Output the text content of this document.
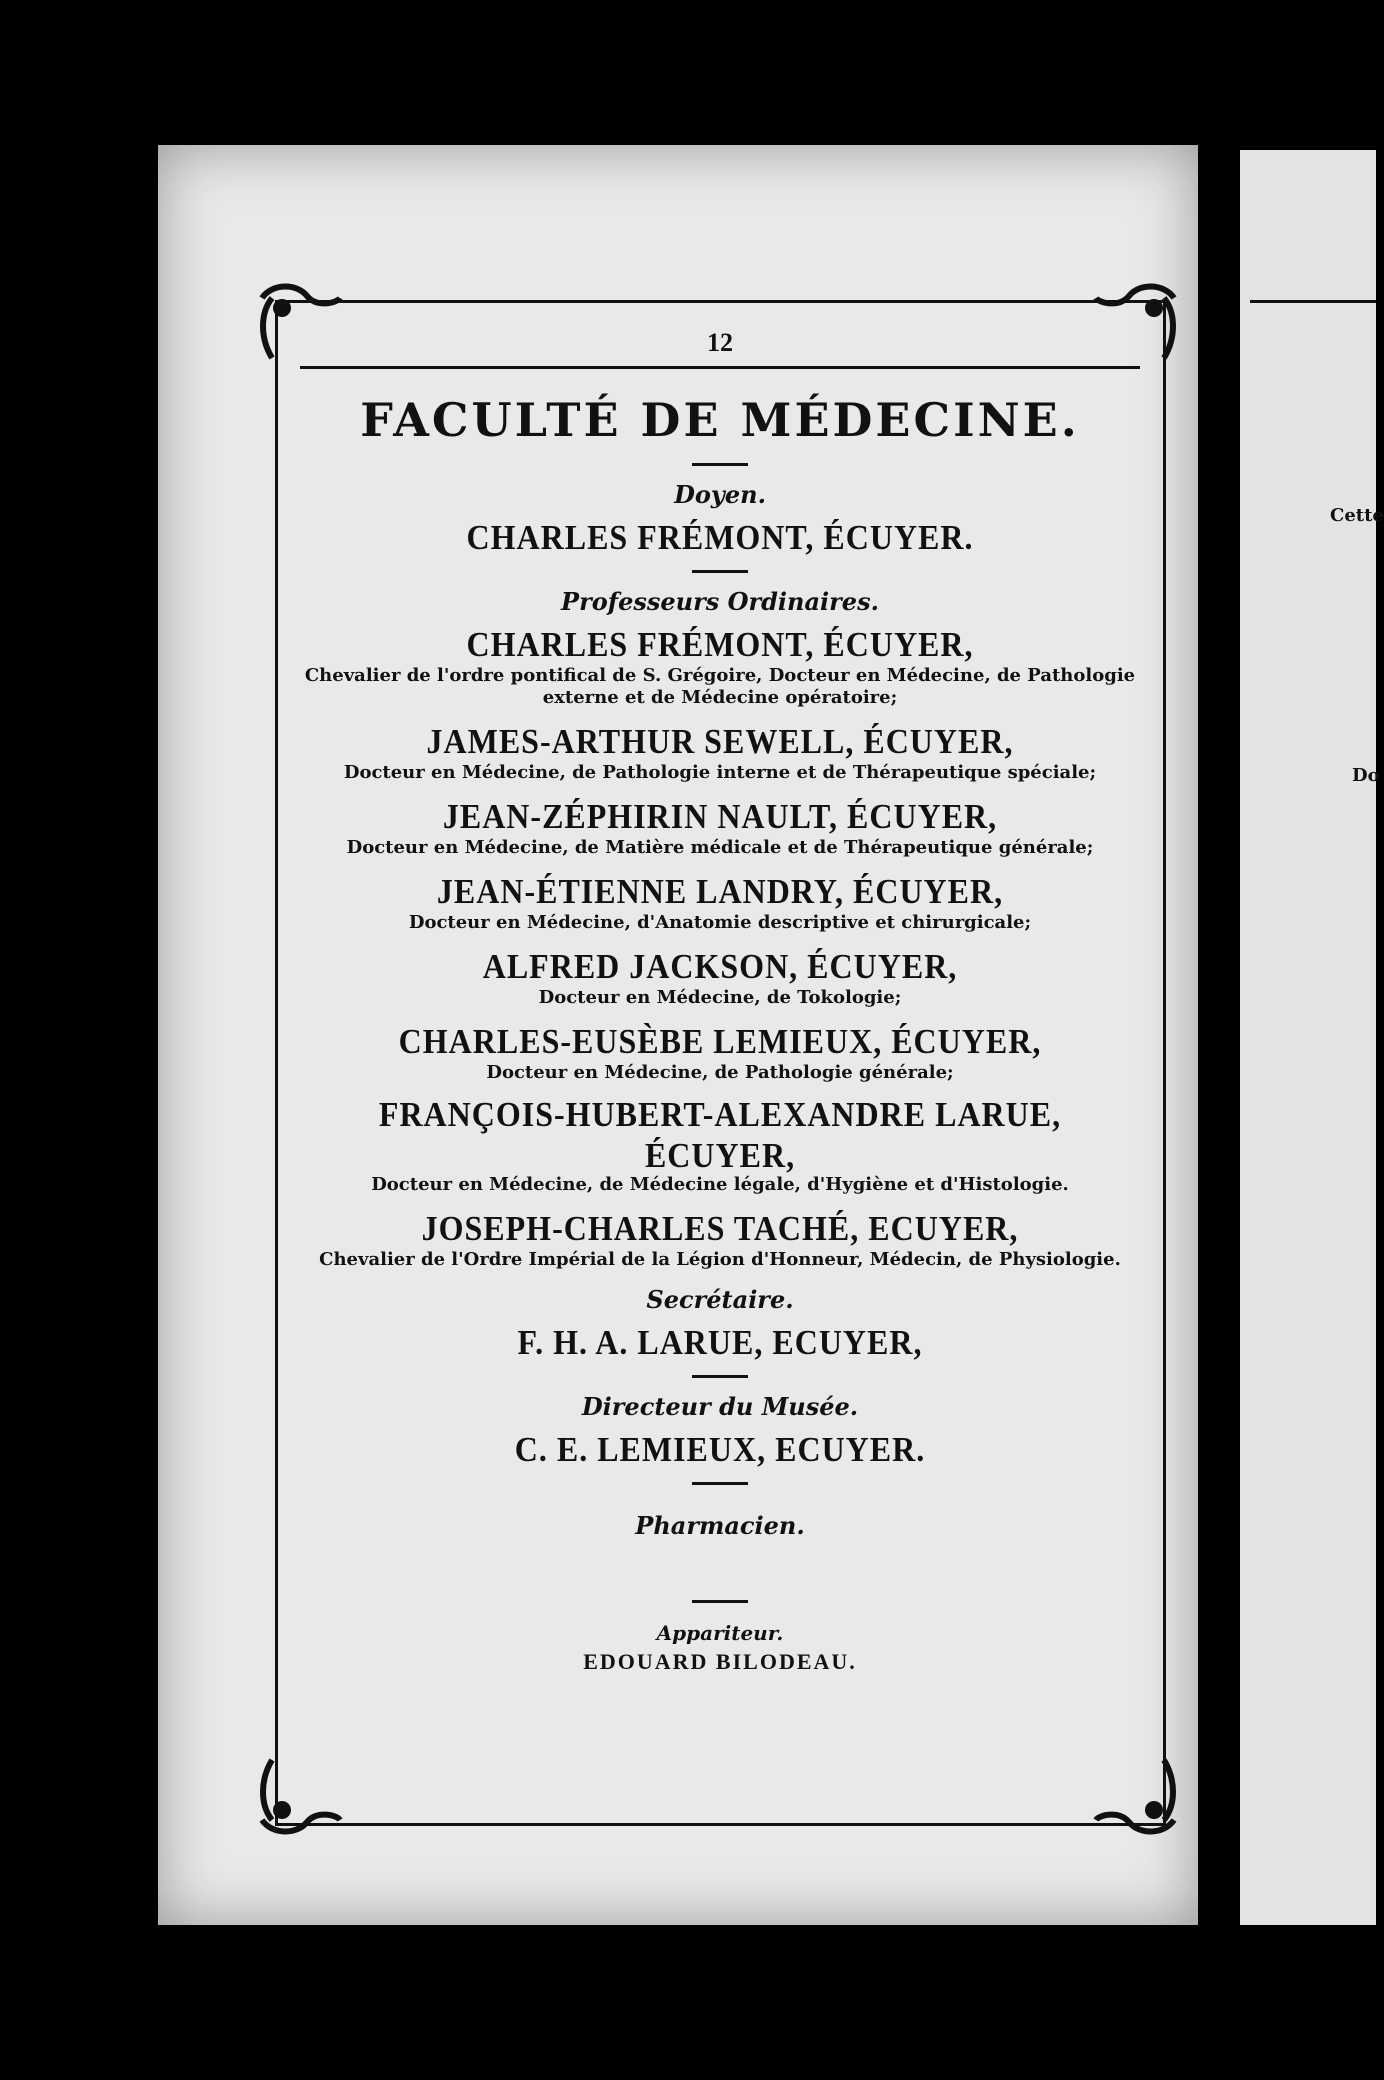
Cette
Do
12
FACULTÉ DE MÉDECINE.
Doyen.
CHARLES FRÉMONT, ÉCUYER.
Professeurs Ordinaires.
CHARLES FRÉMONT, ÉCUYER,
Chevalier de l'ordre pontifical de S. Grégoire, Docteur en Médecine, de Pathologie externe et de Médecine opératoire;
JAMES-ARTHUR SEWELL, ÉCUYER,
Docteur en Médecine, de Pathologie interne et de Thérapeutique spéciale;
JEAN-ZÉPHIRIN NAULT, ÉCUYER,
Docteur en Médecine, de Matière médicale et de Thérapeutique générale;
JEAN-ÉTIENNE LANDRY, ÉCUYER,
Docteur en Médecine, d'Anatomie descriptive et chirurgicale;
ALFRED JACKSON, ÉCUYER,
Docteur en Médecine, de Tokologie;
CHARLES-EUSÈBE LEMIEUX, ÉCUYER,
Docteur en Médecine, de Pathologie générale;
FRANÇOIS-HUBERT-ALEXANDRE LARUE, ÉCUYER,
Docteur en Médecine, de Médecine légale, d'Hygiène et d'Histologie.
JOSEPH-CHARLES TACHÉ, ECUYER,
Chevalier de l'Ordre Impérial de la Légion d'Honneur, Médecin, de Physiologie.
Secrétaire.
F. H. A. LARUE, ECUYER,
Directeur du Musée.
C. E. LEMIEUX, ECUYER.
Pharmacien.
Appariteur.
EDOUARD BILODEAU.
